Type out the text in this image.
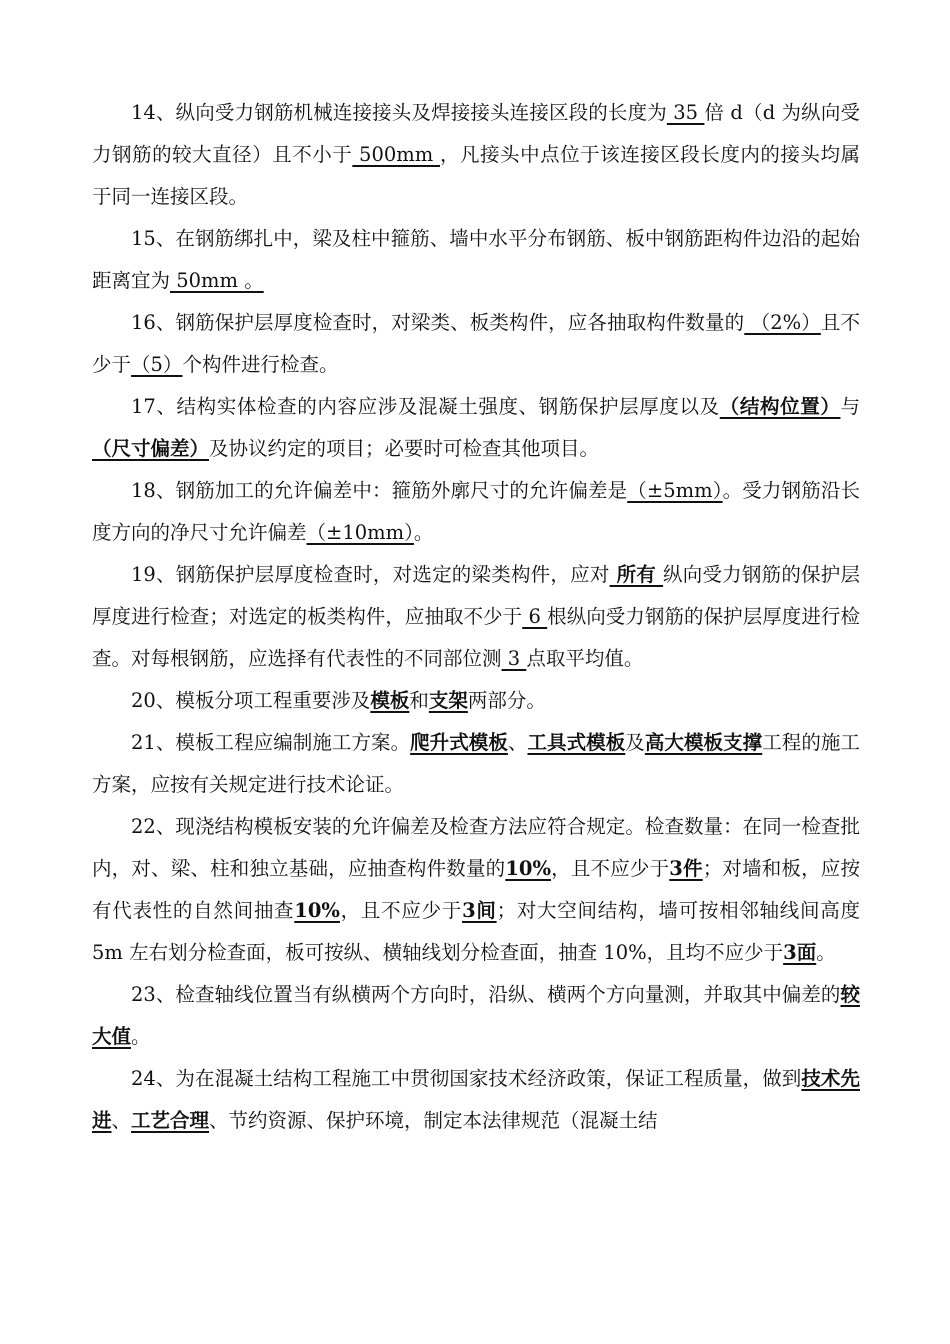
14、纵向受力钢筋机械连接接头及焊接接头连接区段的长度为 35 倍 d（d 为纵向受力钢筋的较大直径）且不小于 500mm ，凡接头中点位于该连接区段长度内的接头均属于同一连接区段。

15、在钢筋绑扎中，梁及柱中箍筋、墙中水平分布钢筋、板中钢筋距构件边沿的起始距离宜为 50mm 。

16、钢筋保护层厚度检查时，对梁类、板类构件，应各抽取构件数量的 （2%）且不少于（5）个构件进行检查。

17、结构实体检查的内容应涉及混凝土强度、钢筋保护层厚度以及（结构位置）与（尺寸偏差）及协议约定的项目；必要时可检查其他项目。

18、钢筋加工的允许偏差中：箍筋外廓尺寸的允许偏差是（±5mm）。受力钢筋沿长度方向的净尺寸允许偏差（±10mm）。

19、钢筋保护层厚度检查时，对选定的梁类构件，应对 所有 纵向受力钢筋的保护层厚度进行检查；对选定的板类构件，应抽取不少于 6 根纵向受力钢筋的保护层厚度进行检查。对每根钢筋，应选择有代表性的不同部位测 3 点取平均值。

20、模板分项工程重要涉及模板和支架两部分。

21、模板工程应编制施工方案。爬升式模板、工具式模板及高大模板支撑工程的施工方案，应按有关规定进行技术论证。

22、现浇结构模板安装的允许偏差及检查方法应符合规定。检查数量：在同一检查批内，对、梁、柱和独立基础，应抽查构件数量的10%，且不应少于3件；对墙和板，应按有代表性的自然间抽查10%，且不应少于3间；对大空间结构，墙可按相邻轴线间高度 5m 左右划分检查面，板可按纵、横轴线划分检查面，抽查 10%，且均不应少于3面。

23、检查轴线位置当有纵横两个方向时，沿纵、横两个方向量测，并取其中偏差的较大值。

24、为在混凝土结构工程施工中贯彻国家技术经济政策，保证工程质量，做到技术先进、工艺合理、节约资源、保护环境，制定本法律规范（混凝土结
